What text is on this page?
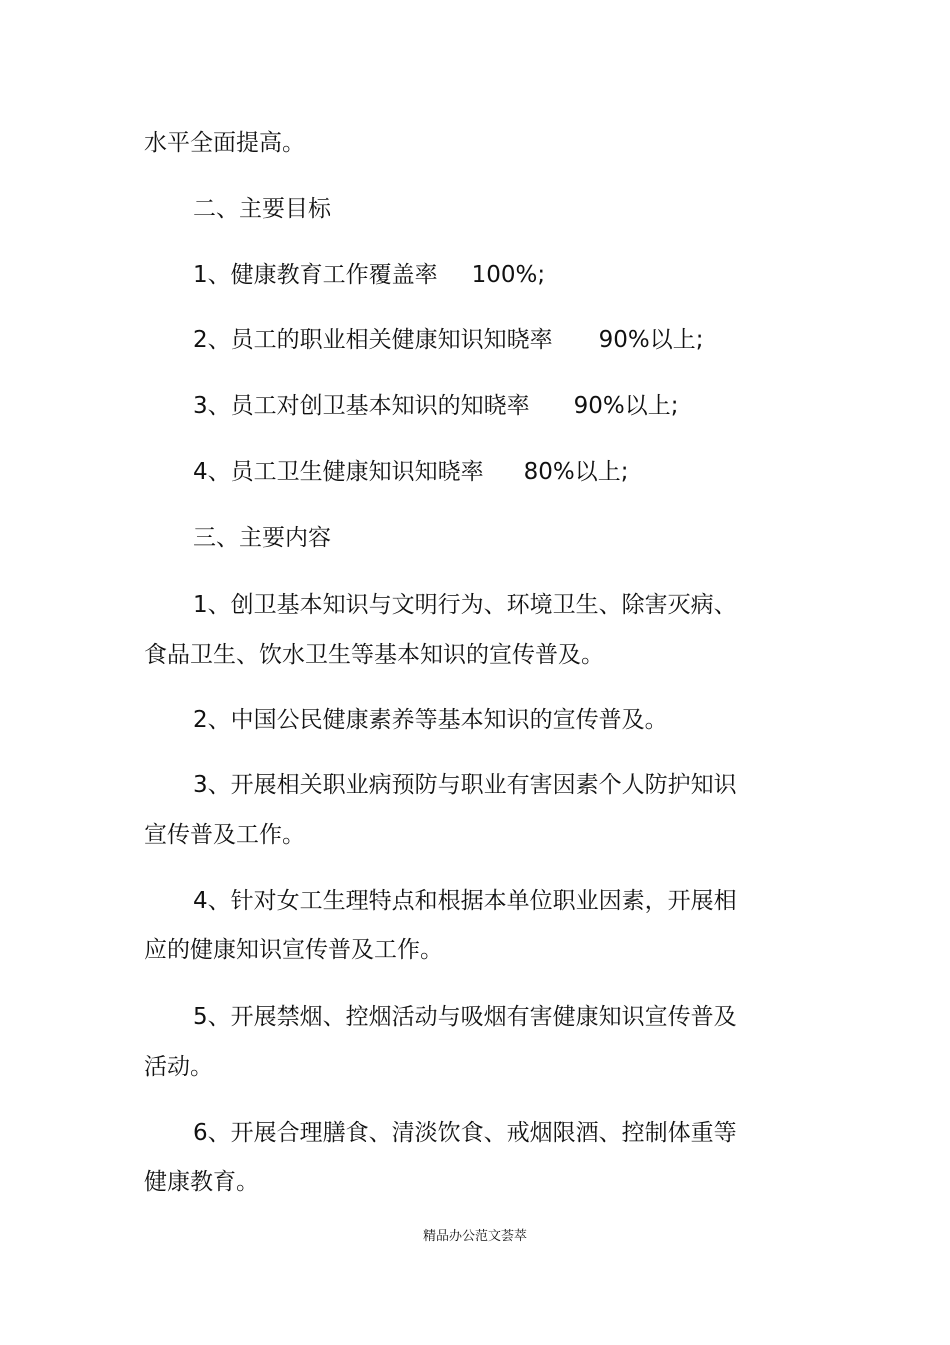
水平全面提高。
二、主要目标
1、健康教育工作覆盖率 100%;
2、员工的职业相关健康知识知晓率 90%以上;
3、员工对创卫基本知识的知晓率 90%以上;
4、员工卫生健康知识知晓率 80%以上;
三、主要内容
1、创卫基本知识与文明行为、环境卫生、除害灭病、
食品卫生、饮水卫生等基本知识的宣传普及。
2、中国公民健康素养等基本知识的宣传普及。
3、开展相关职业病预防与职业有害因素个人防护知识
宣传普及工作。
4、针对女工生理特点和根据本单位职业因素，开展相
应的健康知识宣传普及工作。
5、开展禁烟、控烟活动与吸烟有害健康知识宣传普及
活动。
6、开展合理膳食、清淡饮食、戒烟限酒、控制体重等
健康教育。
精品办公范文荟萃
